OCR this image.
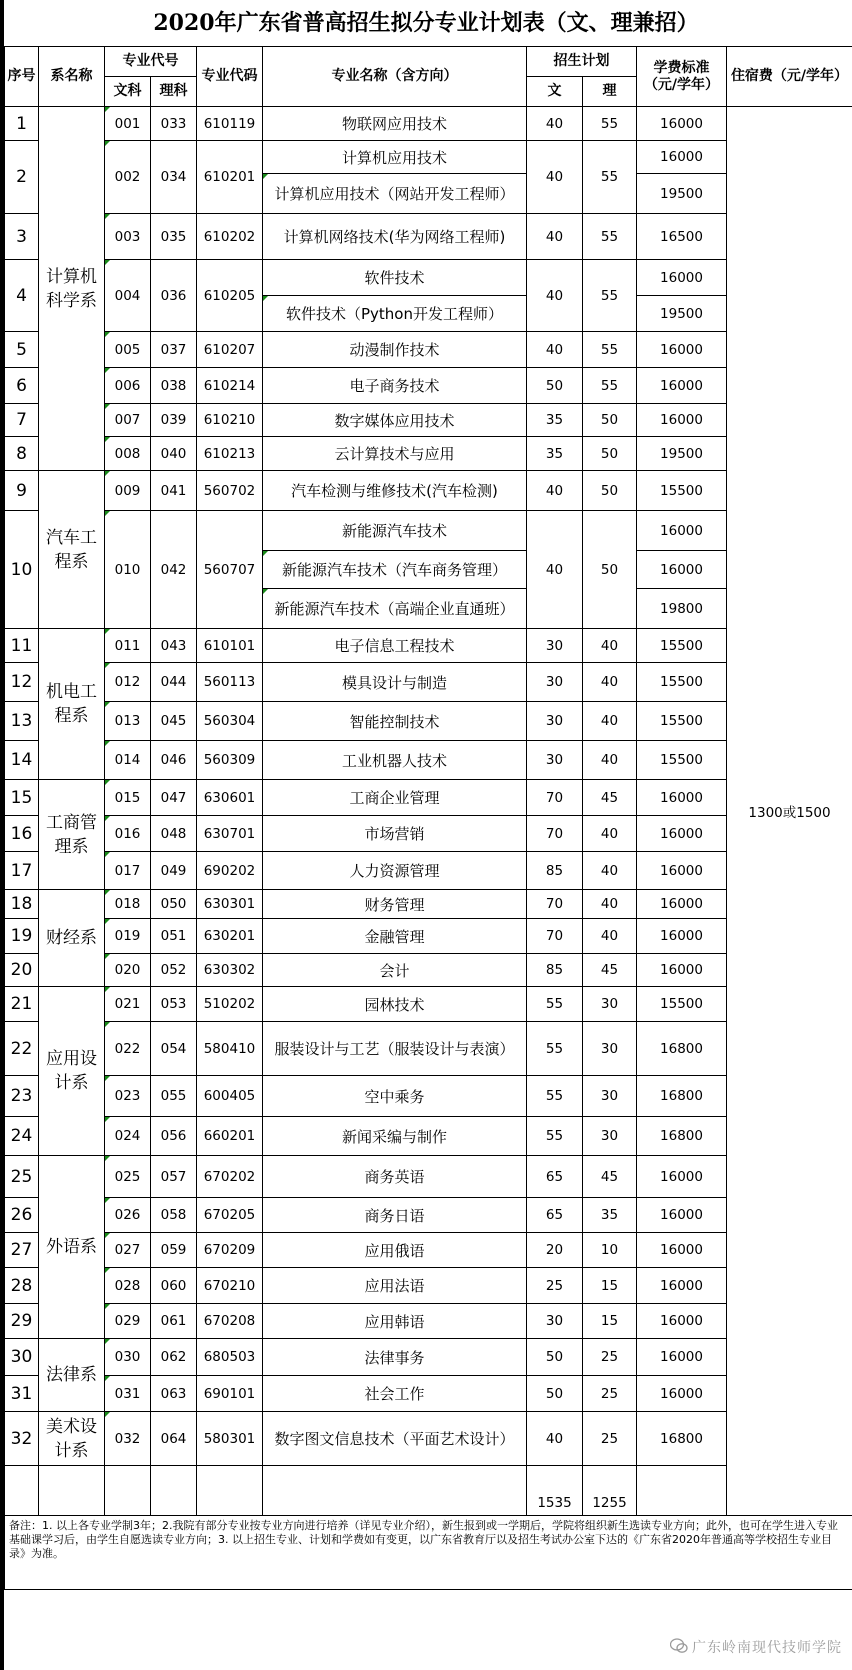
2020年广东省普高招生拟分专业计划表（文、理兼招）
序号	系名称	专业代号		专业代码	专业名称（含方向）	招生计划		学费标准（元/学年）	住宿费（元/学年）
		文科	理科			文	理		
1	计算机科学系	001	033	610119	物联网应用技术	40	55	16000	1300或1500
2		002	034	610201	计算机应用技术	40	55	16000	
					计算机应用技术（网站开发工程师）			19500	
3		003	035	610202	计算机网络技术(华为网络工程师)	40	55	16500	
4		004	036	610205	软件技术	40	55	16000	
					软件技术（Python开发工程师）			19500	
5		005	037	610207	动漫制作技术	40	55	16000	
6		006	038	610214	电子商务技术	50	55	16000	
7		007	039	610210	数字媒体应用技术	35	50	16000	
8		008	040	610213	云计算技术与应用	35	50	19500	
9	汽车工程系	009	041	560702	汽车检测与维修技术(汽车检测)	40	50	15500	
10		010	042	560707	新能源汽车技术	40	50	16000	
					新能源汽车技术（汽车商务管理）			16000	
					新能源汽车技术（高端企业直通班）			19800	
11	机电工程系	011	043	610101	电子信息工程技术	30	40	15500	
12		012	044	560113	模具设计与制造	30	40	15500	
13		013	045	560304	智能控制技术	30	40	15500	
14		014	046	560309	工业机器人技术	30	40	15500	
15	工商管理系	015	047	630601	工商企业管理	70	45	16000	
16		016	048	630701	市场营销	70	40	16000	
17		017	049	690202	人力资源管理	85	40	16000	
18	财经系	018	050	630301	财务管理	70	40	16000	
19		019	051	630201	金融管理	70	40	16000	
20		020	052	630302	会计	85	45	16000	
21	应用设计系	021	053	510202	园林技术	55	30	15500	
22		022	054	580410	服装设计与工艺（服装设计与表演）	55	30	16800	
23		023	055	600405	空中乘务	55	30	16800	
24		024	056	660201	新闻采编与制作	55	30	16800	
25	外语系	025	057	670202	商务英语	65	45	16000	
26		026	058	670205	商务日语	65	35	16000	
27		027	059	670209	应用俄语	20	10	16000	
28		028	060	670210	应用法语	25	15	16000	
29		029	061	670208	应用韩语	30	15	16000	
30	法律系	030	062	680503	法律事务	50	25	16000	
31		031	063	690101	社会工作	50	25	16000	
32	美术设计系	032	064	580301	数字图文信息技术（平面艺术设计）	40	25	16800	
						1535	1255		
备注：1. 以上各专业学制3年；2.我院有部分专业按专业方向进行培养（详见专业介绍），新生报到或一学期后，学院将组织新生选读专业方向；此外，也可在学生进入专业基础课学习后，由学生自愿选读专业方向；3. 以上招生专业、计划和学费如有变更，以广东省教育厅以及招生考试办公室下达的《广东省2020年普通高等学校招生专业目录》为准。									
广东岭南现代技师学院
